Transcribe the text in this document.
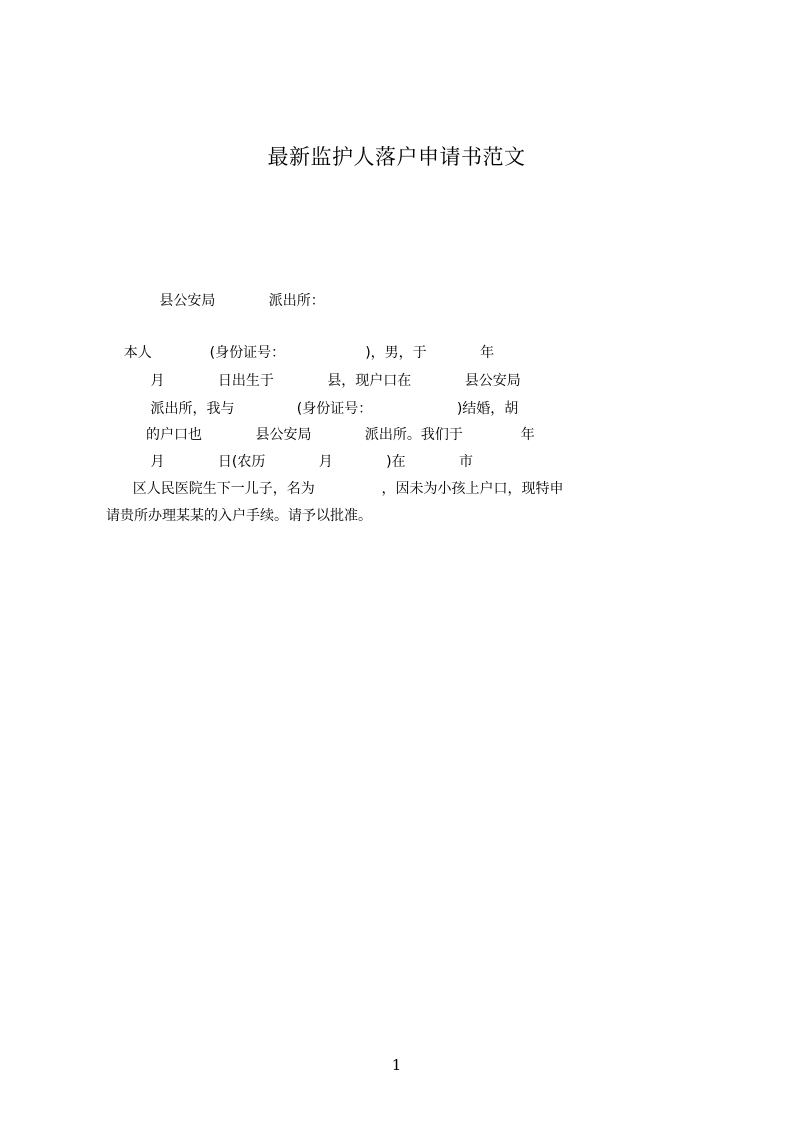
最新监护人落户申请书范文
县公安局            派出所：
本人             (身份证号：                  )，男，于            年
月            日出生于            县，现户口在            县公安局
派出所，我与              (身份证号：                   )结婚，胡
的户口也            县公安局            派出所。我们于             年
月            日(农历            月            )在            市
区人民医院生下一儿子，名为               ，因未为小孩上户口，现特申
请贵所办理某某的入户手续。请予以批准。
1
